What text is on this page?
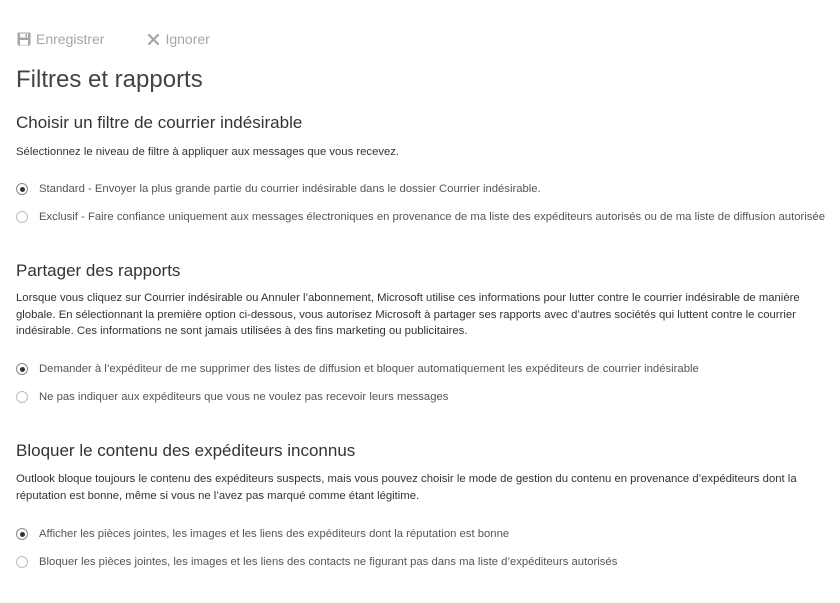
Enregistrer	Ignorer
Filtres et rapports
Choisir un filtre de courrier indésirable

Sélectionnez le niveau de filtre à appliquer aux messages que vous recevez.

Standard - Envoyer la plus grande partie du courrier indésirable dans le dossier Courrier indésirable.
Exclusif - Faire confiance uniquement aux messages électroniques en provenance de ma liste des expéditeurs autorisés ou de ma liste de diffusion autorisée
Partager des rapports

Lorsque vous cliquez sur Courrier indésirable ou Annuler l’abonnement, Microsoft utilise ces informations pour lutter contre le courrier indésirable de manière globale. En sélectionnant la première option ci-dessous, vous autorisez Microsoft à partager ses rapports avec d’autres sociétés qui luttent contre le courrier indésirable. Ces informations ne sont jamais utilisées à des fins marketing ou publicitaires.

Demander à l’expéditeur de me supprimer des listes de diffusion et bloquer automatiquement les expéditeurs de courrier indésirable
Ne pas indiquer aux expéditeurs que vous ne voulez pas recevoir leurs messages
Bloquer le contenu des expéditeurs inconnus

Outlook bloque toujours le contenu des expéditeurs suspects, mais vous pouvez choisir le mode de gestion du contenu en provenance d’expéditeurs dont la réputation est bonne, même si vous ne l’avez pas marqué comme étant légitime.

Afficher les pièces jointes, les images et les liens des expéditeurs dont la réputation est bonne
Bloquer les pièces jointes, les images et les liens des contacts ne figurant pas dans ma liste d’expéditeurs autorisés
